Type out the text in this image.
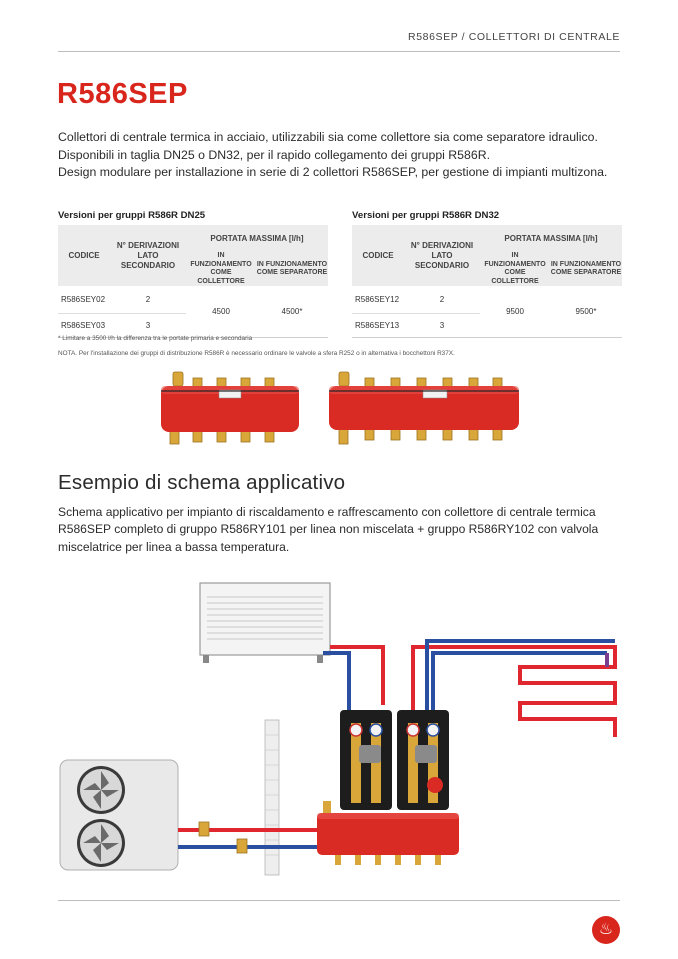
R586SEP / COLLETTORI DI CENTRALE
R586SEP
Collettori di centrale termica in acciaio, utilizzabili sia come collettore sia come separatore idraulico.
Disponibili in taglia DN25 o DN32, per il rapido collegamento dei gruppi R586R.
Design modulare per installazione in serie di 2 collettori R586SEP, per gestione di impianti multizona.
Versioni per gruppi R586R DN25
CODICE	N° DERIVAZIONI LATO SECONDARIO	PORTATA MASSIMA [l/h]	
		IN FUNZIONAMENTO COME COLLETTORE	IN FUNZIONAMENTO COME SEPARATORE
R586SEY02	2	4500	4500*
R586SEY03	3		
Versioni per gruppi R586R DN32
CODICE	N° DERIVAZIONI LATO SECONDARIO	PORTATA MASSIMA [l/h]	
		IN FUNZIONAMENTO COME COLLETTORE	IN FUNZIONAMENTO COME SEPARATORE
R586SEY12	2	9500	9500*
R586SEY13	3		
* Limitare a 3500 l/h la differenza tra le portate primaria e secondaria
NOTA. Per l'installazione dei gruppi di distribuzione R586R è necessario ordinare le valvole a sfera R252 o in alternativa i bocchettoni R37X.
Esempio di schema applicativo
Schema applicativo per impianto di riscaldamento e raffrescamento con collettore di centrale termica
R586SEP completo di gruppo R586RY101 per linea non miscelata + gruppo R586RY102 con valvola
miscelatrice per linea a bassa temperatura.
♨
